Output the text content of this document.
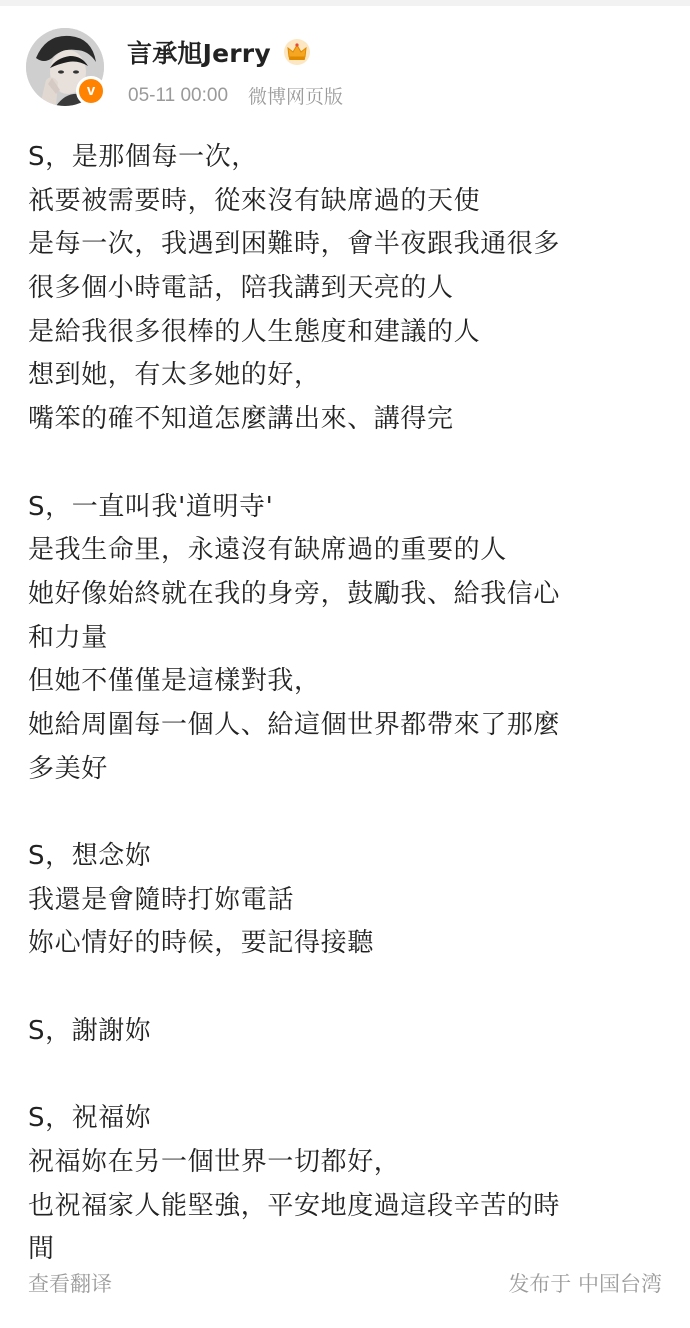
v
言承旭Jerry
05-11 00:00 微博网页版
S，是那個每一次，
祇要被需要時，從來沒有缺席過的天使
是每一次，我遇到困難時，會半夜跟我通很多
很多個小時電話，陪我講到天亮的人
是給我很多很棒的人生態度和建議的人
想到她，有太多她的好，
嘴笨的確不知道怎麼講出來、講得完
S，一直叫我'道明寺'
是我生命里，永遠沒有缺席過的重要的人
她好像始終就在我的身旁，鼓勵我、給我信心
和力量
但她不僅僅是這樣對我，
她給周圍每一個人、給這個世界都帶來了那麼
多美好
S，想念妳
我還是會隨時打妳電話
妳心情好的時候，要記得接聽
S，謝謝妳
S，祝福妳
祝福妳在另一個世界一切都好，
也祝福家人能堅強，平安地度過這段辛苦的時
間
查看翻译	发布于 中国台湾
